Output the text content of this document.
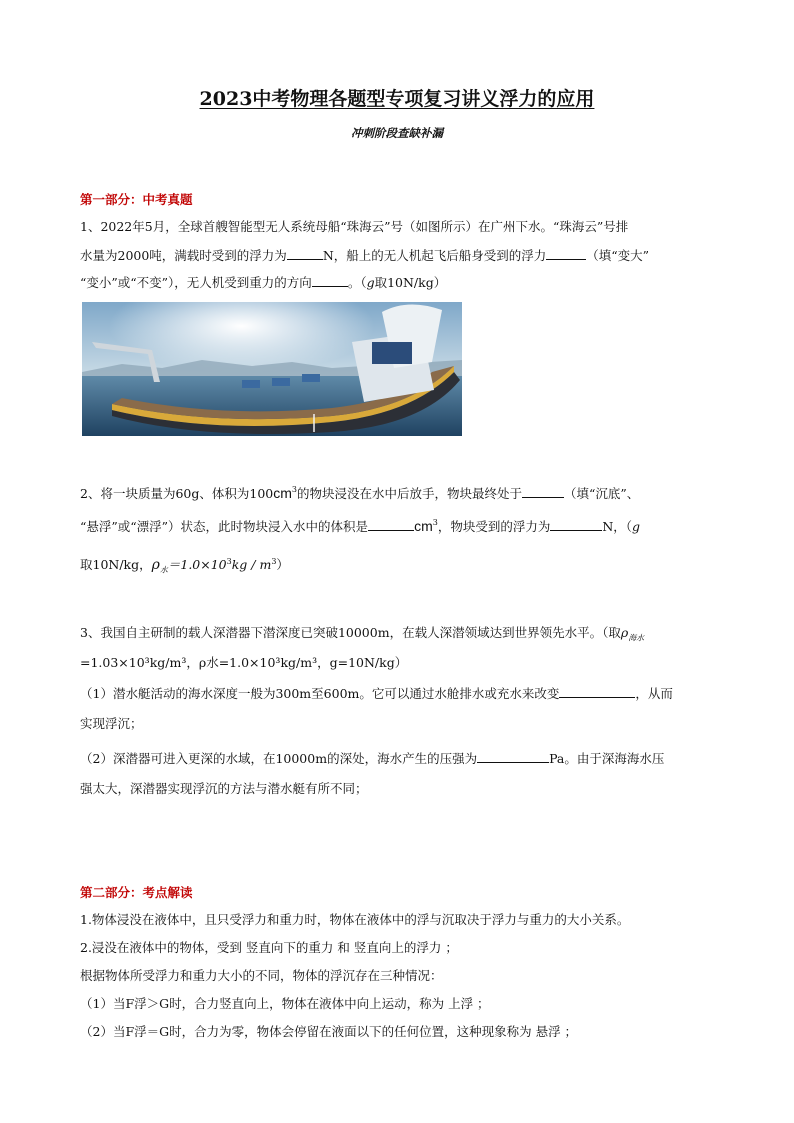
2023中考物理各题型专项复习讲义浮力的应用
冲刺阶段查缺补漏
第一部分：中考真题
1、2022年5月，全球首艘智能型无人系统母船“珠海云”号（如图所示）在广州下水。“珠海云”号排
水量为2000吨，满载时受到的浮力为	N，船上的无人机起飞后船身受到的浮力	（填“变大”
“变小”或“不变”），无人机受到重力的方向	。（g取10N/kg）
2、将一块质量为60g、体积为$100cm^3$的物块浸没在水中后放手，物块最终处于	（填“沉底”、
“悬浮”或“漂浮”）状态，此时物块浸入水中的体积是	$cm^3$，物块受到的浮力为	N，（g
取10N/kg，$\rho_水=1.0\times 10^3kg / m^3$）
3、我国自主研制的载人深潜器下潜深度已突破10000m，在载人深潜领域达到世界领先水平。（取$\rho_{海水}$
=1.03×10³kg/m³，ρ水=1.0×10³kg/m³，g=10N/kg）
（1）潜水艇活动的海水深度一般为300m至600m。它可以通过水舱排水或充水来改变	，从而
实现浮沉；
（2）深潜器可进入更深的水域，在10000m的深处，海水产生的压强为	Pa。由于深海海水压
强太大，深潜器实现浮沉的方法与潜水艇有所不同；
第二部分：考点解读
1.物体浸没在液体中，且只受浮力和重力时，物体在液体中的浮与沉取决于浮力与重力的大小关系。
2.浸没在液体中的物体，受到 竖直向下的重力 和 竖直向上的浮力 ；
根据物体所受浮力和重力大小的不同，物体的浮沉存在三种情况：
（1）当F浮＞G时，合力竖直向上，物体在液体中向上运动，称为 上浮 ；
（2）当F浮＝G时，合力为零，物体会停留在液面以下的任何位置，这种现象称为 悬浮 ；
